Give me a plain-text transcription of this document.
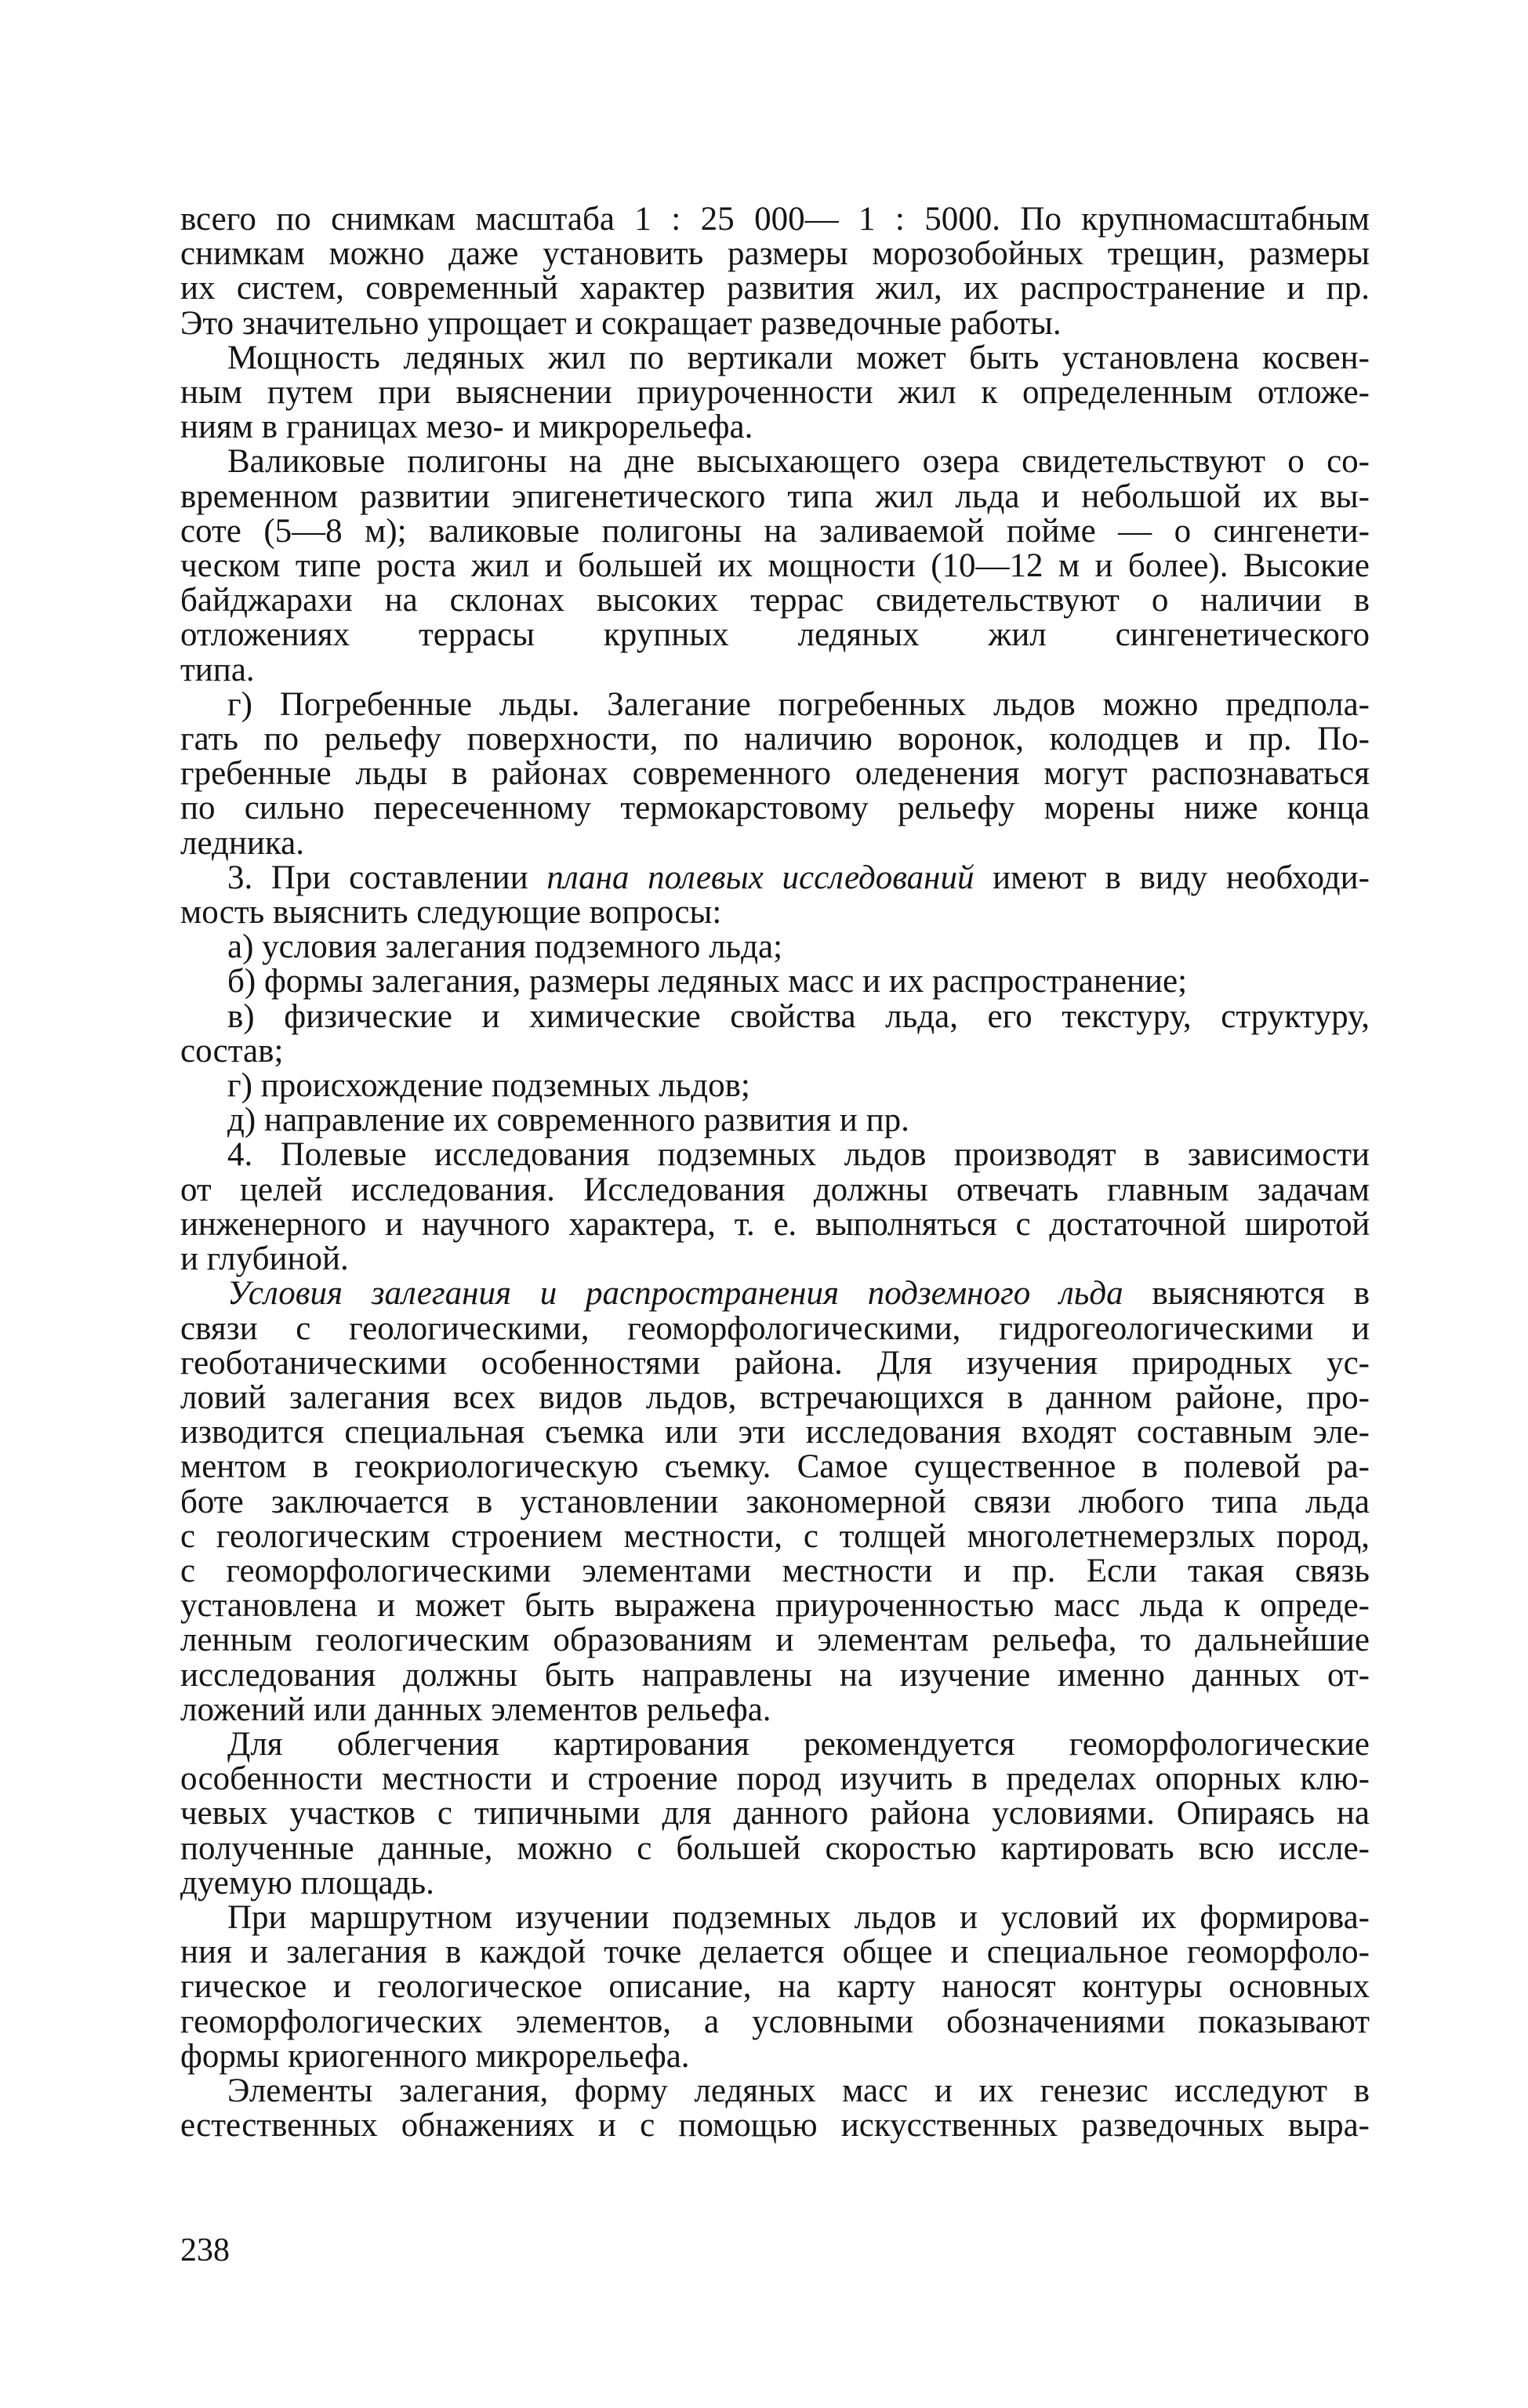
всего по снимкам масштаба 1 : 25 000— 1 : 5000. По крупномасштабным

снимкам можно даже установить размеры морозобойных трещин, размеры

их систем, современный характер развития жил, их распространение и пр.

Это значительно упрощает и сокращает разведочные работы.

Мощность ледяных жил по вертикали может быть установлена косвен-

ным путем при выяснении приуроченности жил к определенным отложе-

ниям в границах мезо- и микрорельефа.

Валиковые полигоны на дне высыхающего озера свидетельствуют о со-

временном развитии эпигенетического типа жил льда и небольшой их вы-

соте (5—8 м); валиковые полигоны на заливаемой пойме — о сингенети-

ческом типе роста жил и большей их мощности (10—12 м и более). Высокие

байджарахи на склонах высоких террас свидетельствуют о наличии в

отложениях террасы крупных ледяных жил сингенетического

типа.

г) Погребенные льды. Залегание погребенных льдов можно предпола-

гать по рельефу поверхности, по наличию воронок, колодцев и пр. По-

гребенные льды в районах современного оледенения могут распознаваться

по сильно пересеченному термокарстовому рельефу морены ниже конца

ледника.

3. При составлении плана полевых исследований имеют в виду необходи-

мость выяснить следующие вопросы:

а) условия залегания подземного льда;

б) формы залегания, размеры ледяных масс и их распространение;

в) физические и химические свойства льда, его текстуру, структуру,

состав;

г) происхождение подземных льдов;

д) направление их современного развития и пр.

4. Полевые исследования подземных льдов производят в зависимости

от целей исследования. Исследования должны отвечать главным задачам

инженерного и научного характера, т. е. выполняться с достаточной широтой

и глубиной.

Условия залегания и распространения подземного льда выясняются в

связи с геологическими, геоморфологическими, гидрогеологическими и

геоботаническими особенностями района. Для изучения природных ус-

ловий залегания всех видов льдов, встречающихся в данном районе, про-

изводится специальная съемка или эти исследования входят составным эле-

ментом в геокриологическую съемку. Самое существенное в полевой ра-

боте заключается в установлении закономерной связи любого типа льда

с геологическим строением местности, с толщей многолетнемерзлых пород,

с геоморфологическими элементами местности и пр. Если такая связь

установлена и может быть выражена приуроченностью масс льда к опреде-

ленным геологическим образованиям и элементам рельефа, то дальнейшие

исследования должны быть направлены на изучение именно данных от-

ложений или данных элементов рельефа.

Для облегчения картирования рекомендуется геоморфологические

особенности местности и строение пород изучить в пределах опорных клю-

чевых участков с типичными для данного района условиями. Опираясь на

полученные данные, можно с большей скоростью картировать всю иссле-

дуемую площадь.

При маршрутном изучении подземных льдов и условий их формирова-

ния и залегания в каждой точке делается общее и специальное геоморфоло-

гическое и геологическое описание, на карту наносят контуры основных

геоморфологических элементов, а условными обозначениями показывают

формы криогенного микрорельефа.

Элементы залегания, форму ледяных масс и их генезис исследуют в

естественных обнажениях и с помощью искусственных разведочных выра-

238
